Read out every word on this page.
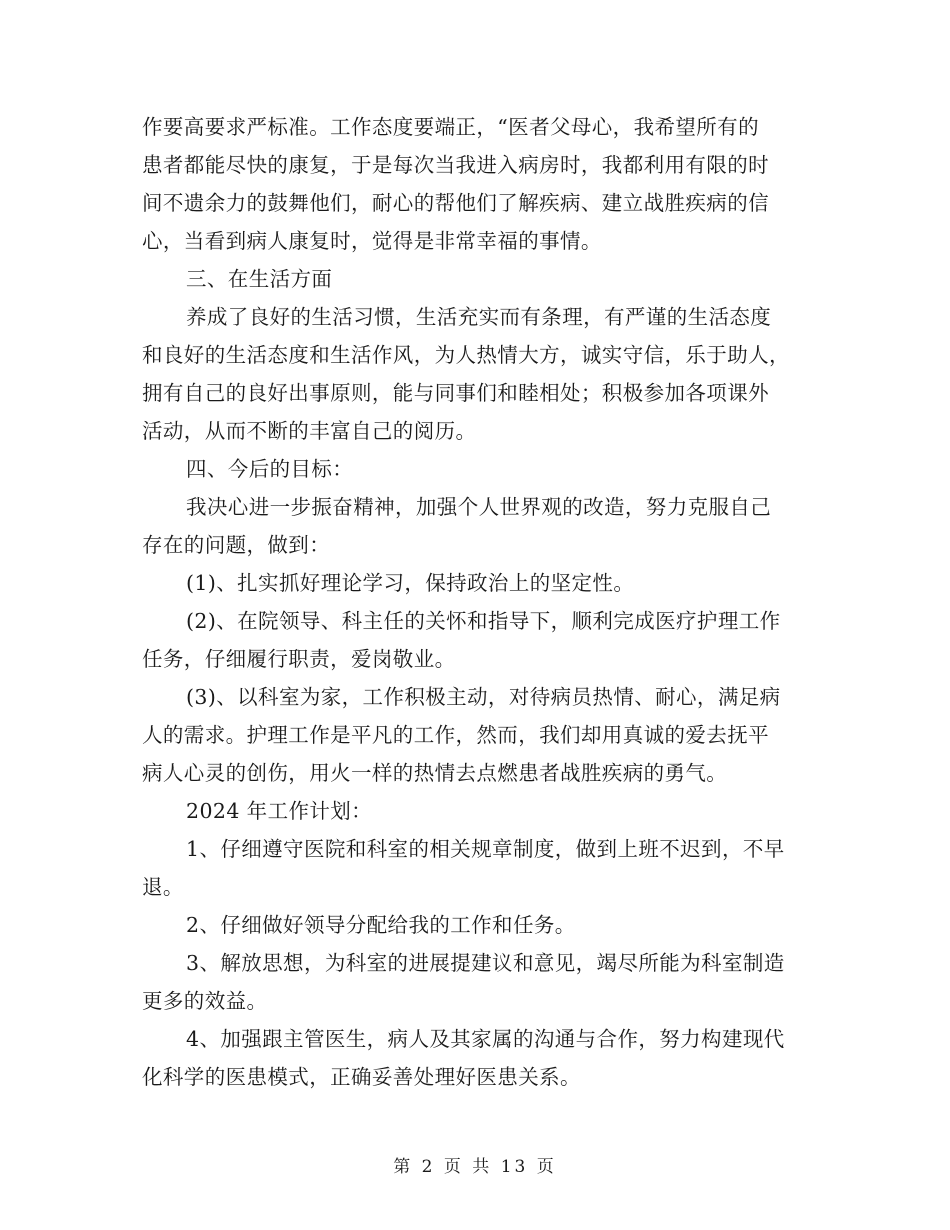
作要高要求严标准。工作态度要端正，“医者父母心，我希望所有的
患者都能尽快的康复，于是每次当我进入病房时，我都利用有限的时
间不遗余力的鼓舞他们，耐心的帮他们了解疾病、建立战胜疾病的信
心，当看到病人康复时，觉得是非常幸福的事情。
三、在生活方面
养成了良好的生活习惯，生活充实而有条理，有严谨的生活态度
和良好的生活态度和生活作风，为人热情大方，诚实守信，乐于助人，
拥有自己的良好出事原则，能与同事们和睦相处；积极参加各项课外
活动，从而不断的丰富自己的阅历。
四、今后的目标：
我决心进一步振奋精神，加强个人世界观的改造，努力克服自己
存在的问题，做到：
(1)、扎实抓好理论学习，保持政治上的坚定性。
(2)、在院领导、科主任的关怀和指导下，顺利完成医疗护理工作
任务，仔细履行职责，爱岗敬业。
(3)、以科室为家，工作积极主动，对待病员热情、耐心，满足病
人的需求。护理工作是平凡的工作，然而，我们却用真诚的爱去抚平
病人心灵的创伤，用火一样的热情去点燃患者战胜疾病的勇气。
2024 年工作计划：
1、仔细遵守医院和科室的相关规章制度，做到上班不迟到，不早
退。
2、仔细做好领导分配给我的工作和任务。
3、解放思想，为科室的进展提建议和意见，竭尽所能为科室制造
更多的效益。
4、加强跟主管医生，病人及其家属的沟通与合作，努力构建现代
化科学的医患模式，正确妥善处理好医患关系。
第 2 页 共 13 页
